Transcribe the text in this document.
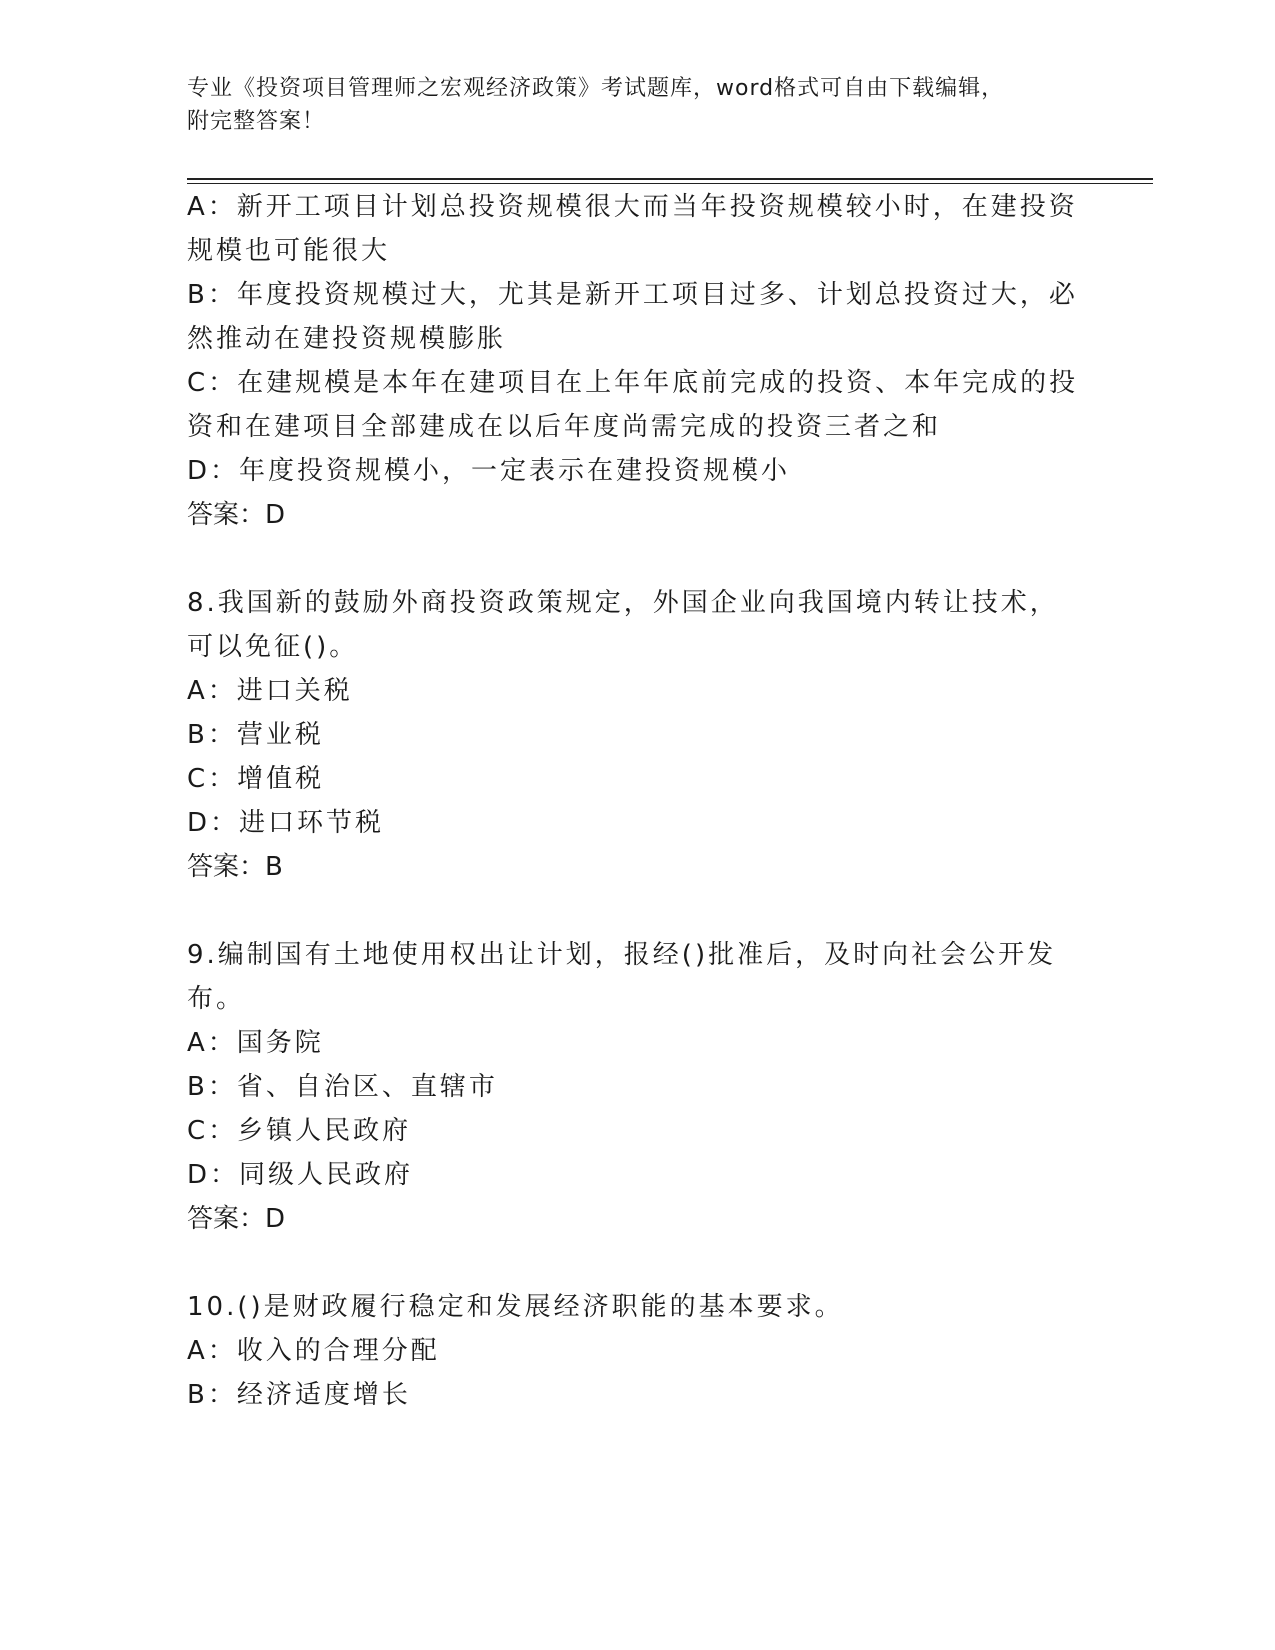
专业《投资项目管理师之宏观经济政策》考试题库，word格式可自由下载编辑，
附完整答案！
A：新开工项目计划总投资规模很大而当年投资规模较小时，在建投资
规模也可能很大
B：年度投资规模过大，尤其是新开工项目过多、计划总投资过大，必
然推动在建投资规模膨胀
C：在建规模是本年在建项目在上年年底前完成的投资、本年完成的投
资和在建项目全部建成在以后年度尚需完成的投资三者之和
D：年度投资规模小，一定表示在建投资规模小
答案：D
8.我国新的鼓励外商投资政策规定，外国企业向我国境内转让技术，
可以免征()。
A：进口关税
B：营业税
C：增值税
D：进口环节税
答案：B
9.编制国有土地使用权出让计划，报经()批准后，及时向社会公开发
布。
A：国务院
B：省、自治区、直辖市
C：乡镇人民政府
D：同级人民政府
答案：D
10.()是财政履行稳定和发展经济职能的基本要求。
A：收入的合理分配
B：经济适度增长
